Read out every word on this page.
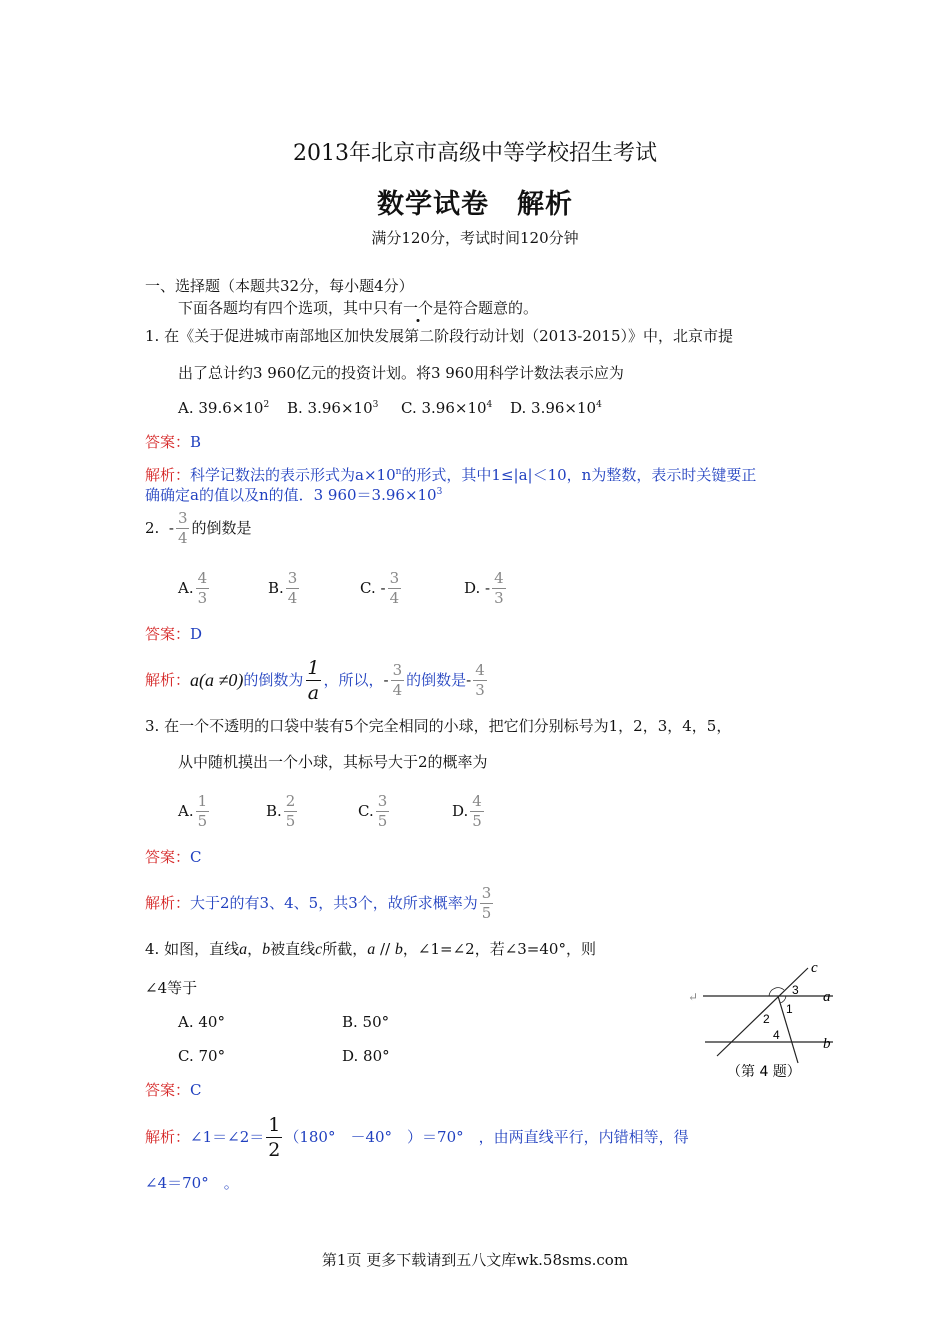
2013年北京市高级中等学校招生考试
数学试卷　解析
满分120分，考试时间120分钟
一、选择题（本题共32分，每小题4分）
下面各题均有四个选项，其中只有一个是符合题意的。
1. 在《关于促进城市南部地区加快发展第二阶段行动计划（2013-2015）》中，北京市提
出了总计约3 960亿元的投资计划。将3 960用科学计数法表示应为
A. $39.6\times 10^2$ B. $3.96\times 10^3$ C. $3.96\times 10^4$ D. $3.96\times 10^4$
答案：B
解析：科学记数法的表示形式为$a\times 10^n$的形式，其中1≤|a|＜10，n为整数，表示时关键要正
确确定a的值以及n的值．3 $960=3.96\times 10^3$
2.
- $\frac{3}{4}$ 的倒数是
A. $\frac{4}{3}$	B. $\frac{3}{4}$	C.
- $\frac{3}{4}$	D.
- $\frac{4}{3}$
答案：D
解析： a(a ≠0) 的倒数为 $\frac{1}{a}$ ，所以， - $\frac{3}{4}$ 的倒数是 - $\frac{4}{3}$
3. 在一个不透明的口袋中装有5个完全相同的小球，把它们分别标号为1，2，3，4，5，
从中随机摸出一个小球，其标号大于2的概率为
A. $\frac{1}{5}$	B. $\frac{2}{5}$	C. $\frac{3}{5}$	D. $\frac{4}{5}$
答案：C
解析： 大于2的有3、4、5，共3个，故所求概率为 $\frac{3}{5}$
4. 如图，直线a，b被直线c所截，a // b，∠1=∠2，若∠3=40°，则
∠4等于
A. 40°	B. 50°
C. 70°	D. 80°
答案：C
解析： ∠1＝∠2＝ $\frac{1}{2} (180^\circ$　－40°　）＝70°　，由两直线平行，内错相等，得
∠4＝70°　。
c
a
b
3
1
2
4
（第 4 题）
↵
第1页 更多下载请到五八文库wk.58sms.com
